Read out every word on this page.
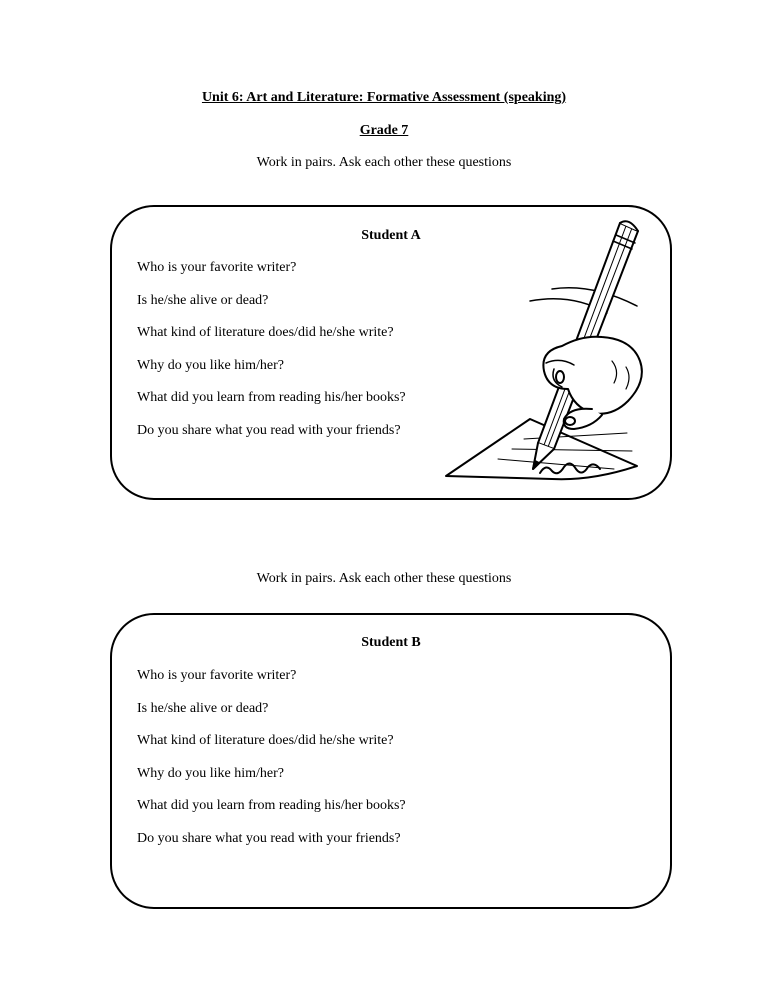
Unit 6: Art and Literature: Formative Assessment (speaking)
Grade 7
Work in pairs. Ask each other these questions
Student A
Who is your favorite writer?
Is he/she alive or dead?
What kind of literature does/did he/she write?
Why do you like him/her?
What did you learn from reading his/her books?
Do you share what you read with your friends?
Work in pairs. Ask each other these questions
Student B
Who is your favorite writer?
Is he/she alive or dead?
What kind of literature does/did he/she write?
Why do you like him/her?
What did you learn from reading his/her books?
Do you share what you read with your friends?
